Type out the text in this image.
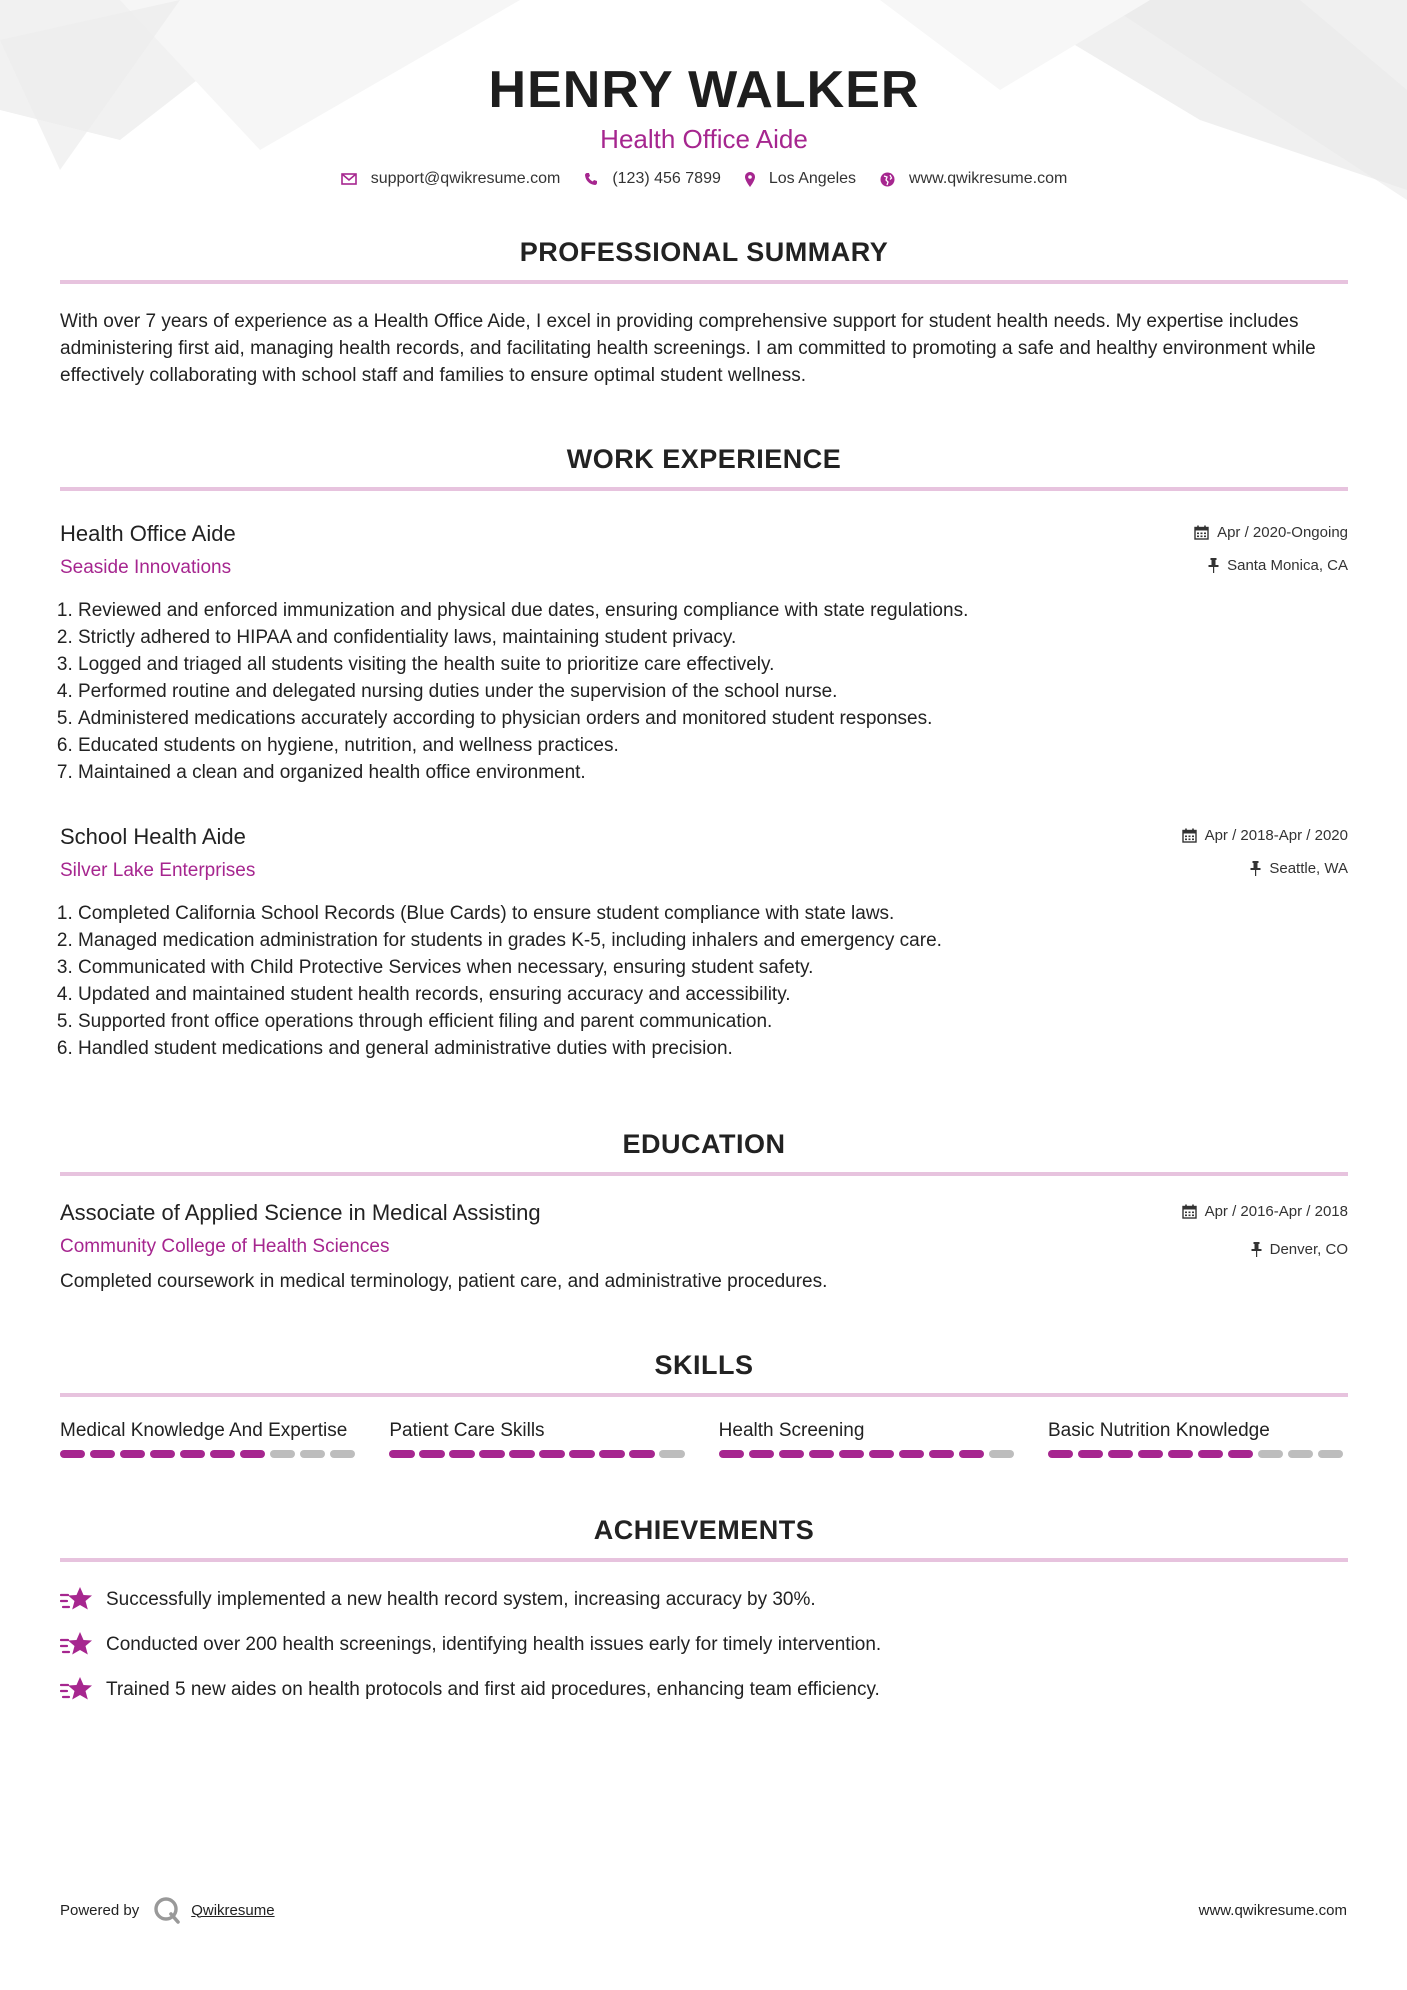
HENRY WALKER
Health Office Aide
support@qwikresume.com	(123) 456 7899	Los Angeles	www.qwikresume.com
PROFESSIONAL SUMMARY

With over 7 years of experience as a Health Office Aide, I excel in providing comprehensive support for student health needs. My expertise includes administering first aid, managing health records, and facilitating health screenings. I am committed to promoting a safe and healthy environment while effectively collaborating with school staff and families to ensure optimal student wellness.

WORK EXPERIENCE
Health Office Aide
Seaside Innovations
Apr / 2020-Ongoing
Santa Monica, CA
1. Reviewed and enforced immunization and physical due dates, ensuring compliance with state regulations.
2. Strictly adhered to HIPAA and confidentiality laws, maintaining student privacy.
3. Logged and triaged all students visiting the health suite to prioritize care effectively.
4. Performed routine and delegated nursing duties under the supervision of the school nurse.
5. Administered medications accurately according to physician orders and monitored student responses.
6. Educated students on hygiene, nutrition, and wellness practices.
7. Maintained a clean and organized health office environment.
School Health Aide
Silver Lake Enterprises
Apr / 2018-Apr / 2020
Seattle, WA
1. Completed California School Records (Blue Cards) to ensure student compliance with state laws.
2. Managed medication administration for students in grades K-5, including inhalers and emergency care.
3. Communicated with Child Protective Services when necessary, ensuring student safety.
4. Updated and maintained student health records, ensuring accuracy and accessibility.
5. Supported front office operations through efficient filing and parent communication.
6. Handled student medications and general administrative duties with precision.
EDUCATION
Associate of Applied Science in Medical Assisting
Community College of Health Sciences
Apr / 2016-Apr / 2018
Denver, CO
Completed coursework in medical terminology, patient care, and administrative procedures.
SKILLS
Medical Knowledge And Expertise	Patient Care Skills	Health Screening	Basic Nutrition Knowledge
ACHIEVEMENTS
Successfully implemented a new health record system, increasing accuracy by 30%.
Conducted over 200 health screenings, identifying health issues early for timely intervention.
Trained 5 new aides on health protocols and first aid procedures, enhancing team efficiency.
Powered by	Qwikresume	www.qwikresume.com
